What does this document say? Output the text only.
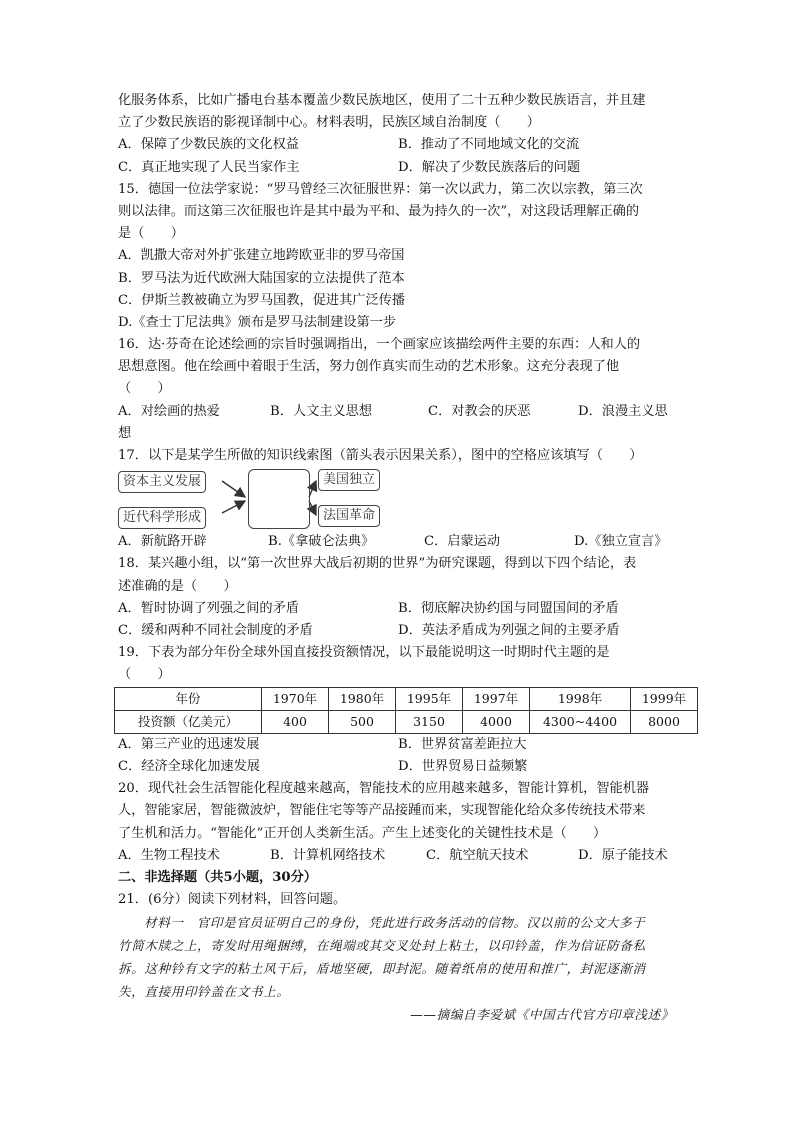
化服务体系，比如广播电台基本覆盖少数民族地区，使用了二十五种少数民族语言，并且建
立了少数民族语的影视译制中心。材料表明，民族区域自治制度（　　）
A．保障了少数民族的文化权益	B．推动了不同地域文化的交流
C．真正地实现了人民当家作主	D．解决了少数民族落后的问题
15．德国一位法学家说：“罗马曾经三次征服世界：第一次以武力，第二次以宗教，第三次
则以法律。而这第三次征服也许是其中最为平和、最为持久的一次”，对这段话理解正确的
是（　　）
A．凯撒大帝对外扩张建立地跨欧亚非的罗马帝国
B．罗马法为近代欧洲大陆国家的立法提供了范本
C．伊斯兰教被确立为罗马国教，促进其广泛传播
D.《查士丁尼法典》颁布是罗马法制建设第一步
16．达·芬奇在论述绘画的宗旨时强调指出，一个画家应该描绘两件主要的东西：人和人的
思想意图。他在绘画中着眼于生活，努力创作真实而生动的艺术形象。这充分表现了他
（　　）
A．对绘画的热爱	B．人文主义思想	C．对教会的厌恶	D．浪漫主义思
想
17．以下是某学生所做的知识线索图（箭头表示因果关系），图中的空格应该填写（　　）
资本主义发展
近代科学形成
美国独立
法国革命
A．新航路开辟	B.《拿破仑法典》	C．启蒙运动	D.《独立宣言》
18．某兴趣小组，以“第一次世界大战后初期的世界”为研究课题，得到以下四个结论，表
述准确的是（　　）
A．暂时协调了列强之间的矛盾	B．彻底解决协约国与同盟国间的矛盾
C．缓和两种不同社会制度的矛盾	D．英法矛盾成为列强之间的主要矛盾
19．下表为部分年份全球外国直接投资额情况，以下最能说明这一时期时代主题的是
（　　）
年份	1970年	1980年	1995年	1997年	1998年	1999年
投资额（亿美元）	400	500	3150	4000	4300~4400	8000
A．第三产业的迅速发展	B．世界贫富差距拉大
C．经济全球化加速发展	D．世界贸易日益频繁
20．现代社会生活智能化程度越来越高，智能技术的应用越来越多，智能计算机，智能机器
人，智能家居，智能微波炉，智能住宅等等产品接踵而来，实现智能化给众多传统技术带来
了生机和活力。“智能化”正开创人类新生活。产生上述变化的关键性技术是（　　）
A．生物工程技术	B．计算机网络技术	C．航空航天技术	D．原子能技术
二、非选择题（共5小题，30分）
21．(6分）阅读下列材料，回答问题。
材料一　官印是官员证明自己的身份，凭此进行政务活动的信物。汉以前的公文大多于
竹简木牍之上，寄发时用绳捆缚，在绳端或其交叉处封上粘土，以印钤盖，作为信证防备私
拆。这种钤有文字的粘土风干后，盾地坚硬，即封泥。随着纸帛的使用和推广，封泥逐渐消
失，直接用印钤盖在文书上。
——摘编自李爱斌《中国古代官方印章浅述》
